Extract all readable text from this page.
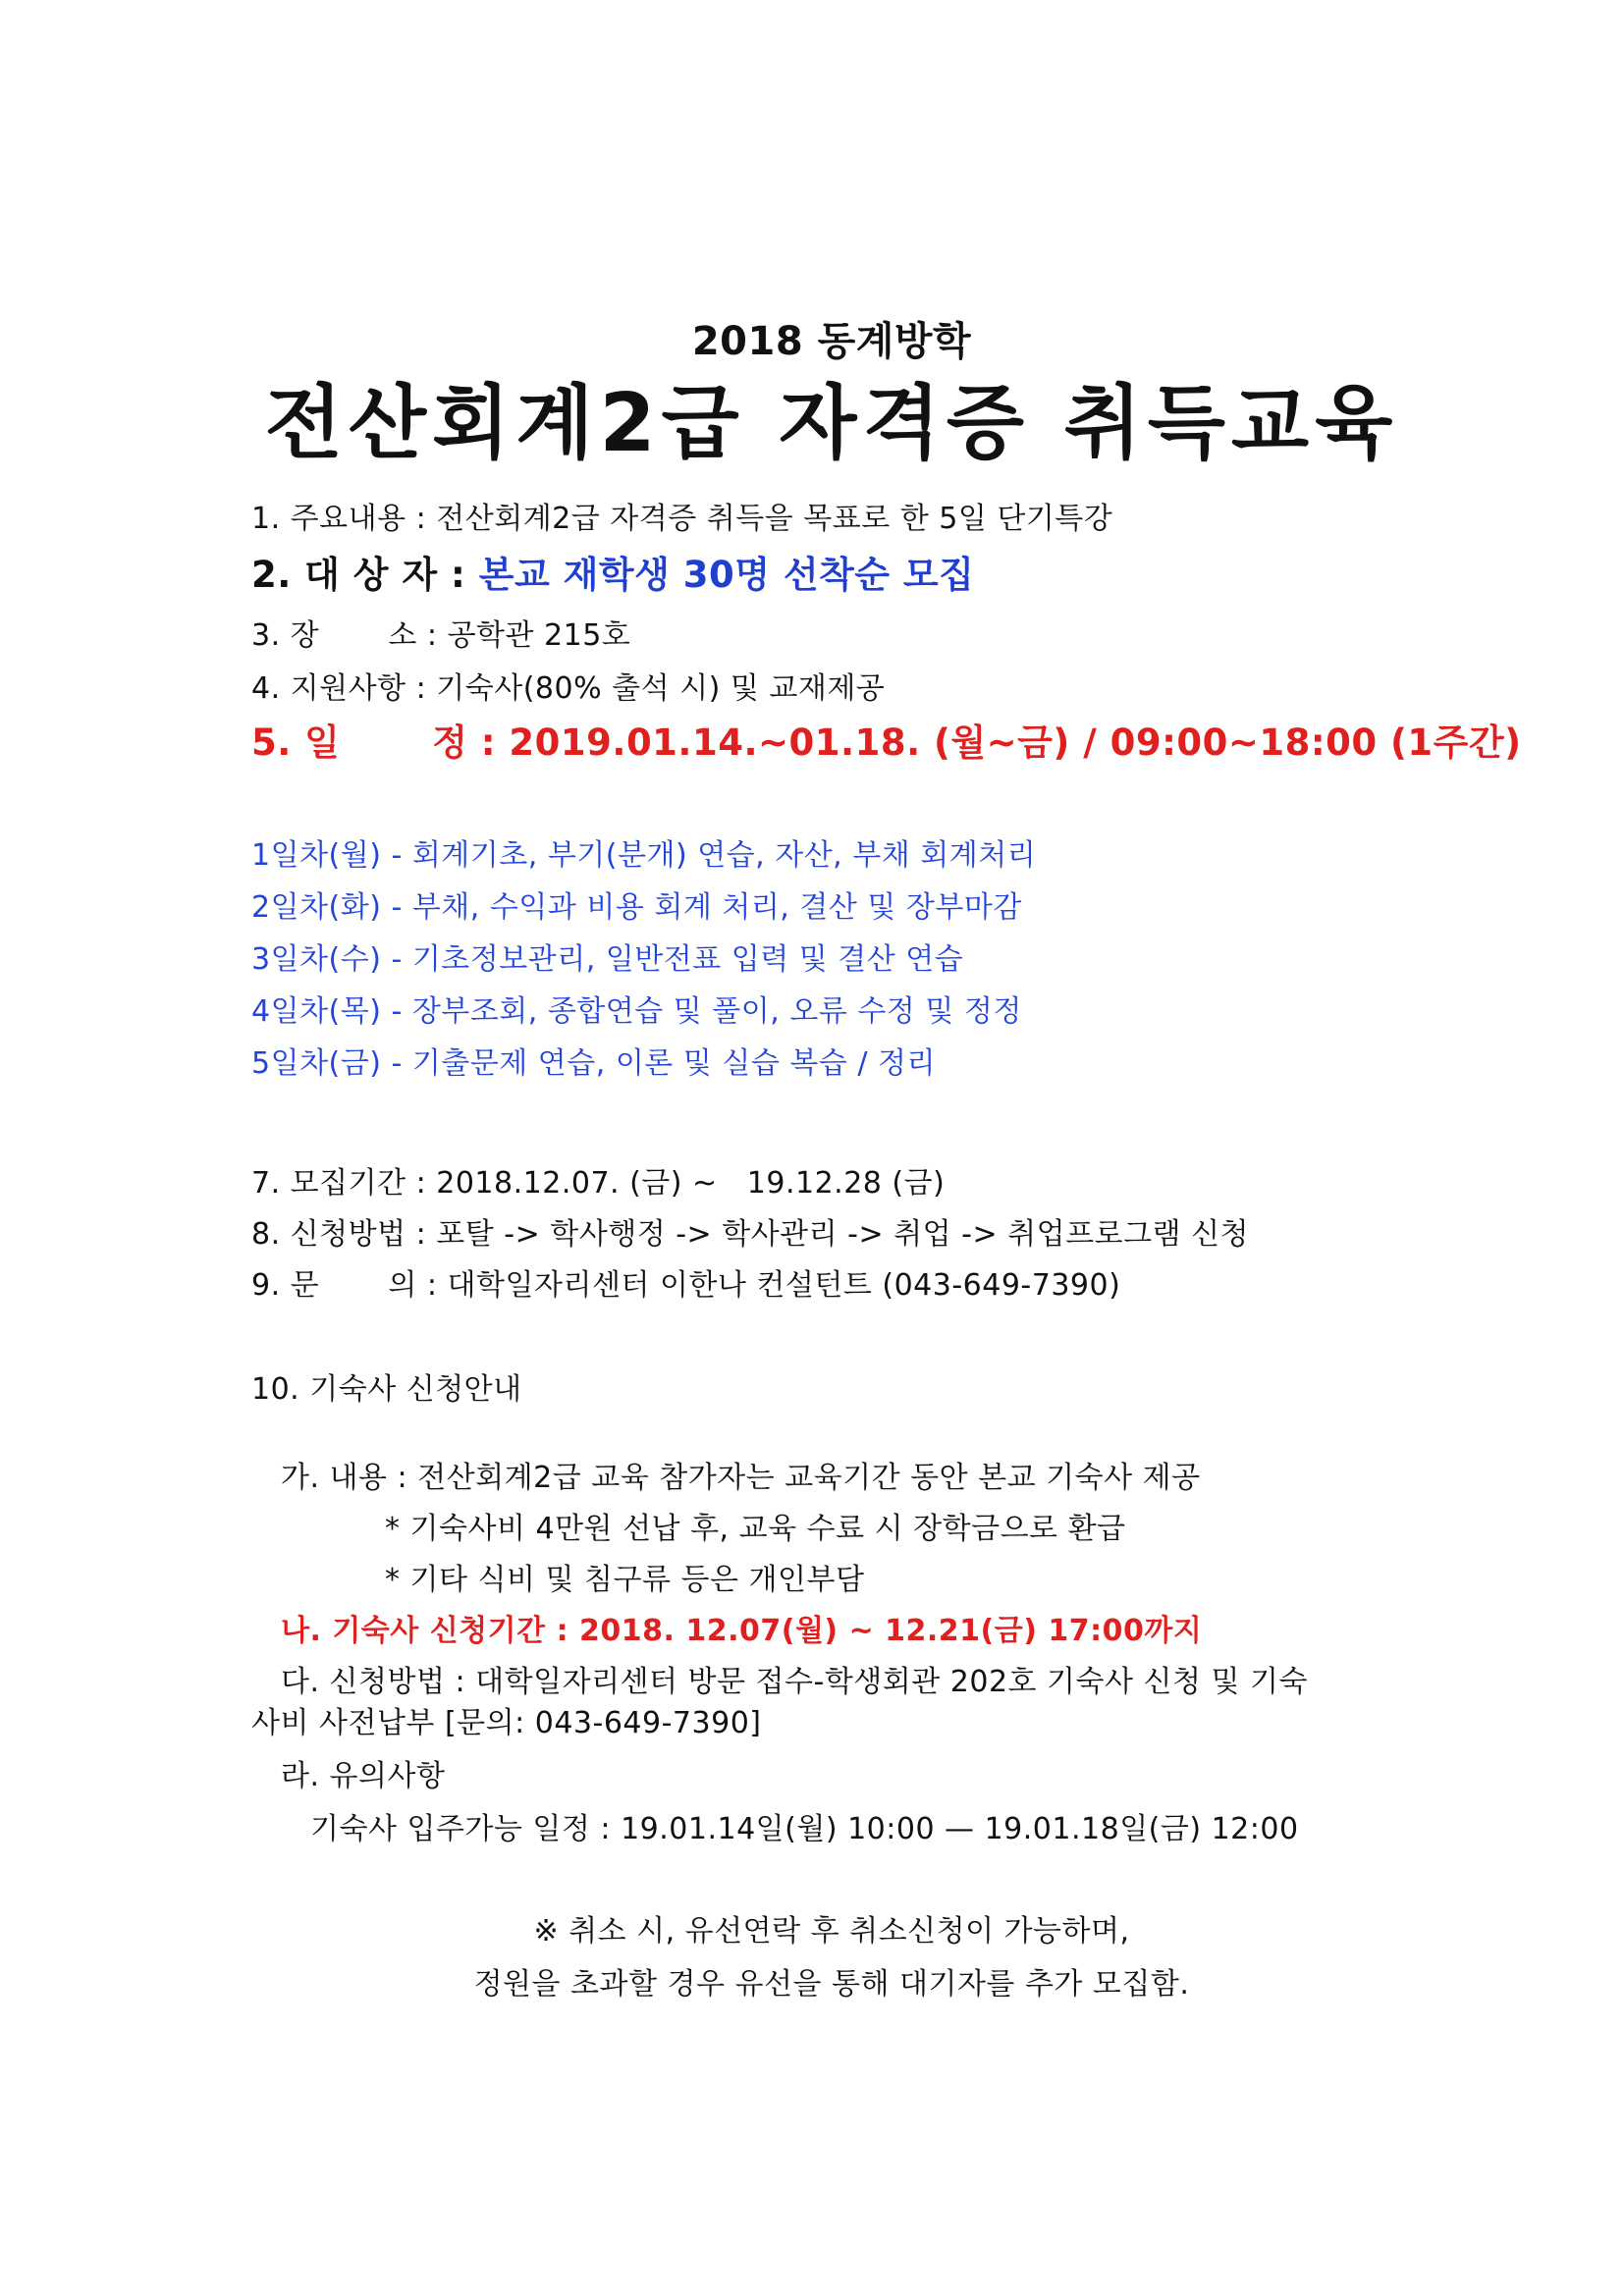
2018 동계방학
전산회계2급 자격증 취득교육
1. 주요내용 : 전산회계2급 자격증 취득을 목표로 한 5일 단기특강
2. 대 상 자 : 본교 재학생 30명 선착순 모집
3. 장       소 : 공학관 215호
4. 지원사항 : 기숙사(80% 출석 시) 및 교재제공
5. 일       정 : 2019.01.14.~01.18. (월~금) / 09:00~18:00 (1주간)
1일차(월) - 회계기초, 부기(분개) 연습, 자산, 부채 회계처리
2일차(화) - 부채, 수익과 비용 회계 처리, 결산 및 장부마감
3일차(수) - 기초정보관리, 일반전표 입력 및 결산 연습
4일차(목) - 장부조회, 종합연습 및 풀이, 오류 수정 및 정정
5일차(금) - 기출문제 연습, 이론 및 실습 복습 / 정리
7. 모집기간 : 2018.12.07. (금) ~   19.12.28 (금)
8. 신청방법 : 포탈 -> 학사행정 -> 학사관리 -> 취업 -> 취업프로그램 신청
9. 문       의 : 대학일자리센터 이한나 컨설턴트 (043-649-7390)
10. 기숙사 신청안내
가. 내용 : 전산회계2급 교육 참가자는 교육기간 동안 본교 기숙사 제공
* 기숙사비 4만원 선납 후, 교육 수료 시 장학금으로 환급
* 기타 식비 및 침구류 등은 개인부담
나. 기숙사 신청기간 : 2018. 12.07(월) ~ 12.21(금) 17:00까지
다. 신청방법 : 대학일자리센터 방문 접수-학생회관 202호 기숙사 신청 및 기숙
사비 사전납부 [문의: 043-649-7390]
라. 유의사항
기숙사 입주가능 일정 : 19.01.14일(월) 10:00 — 19.01.18일(금) 12:00
※ 취소 시, 유선연락 후 취소신청이 가능하며,
정원을 초과할 경우 유선을 통해 대기자를 추가 모집함.
